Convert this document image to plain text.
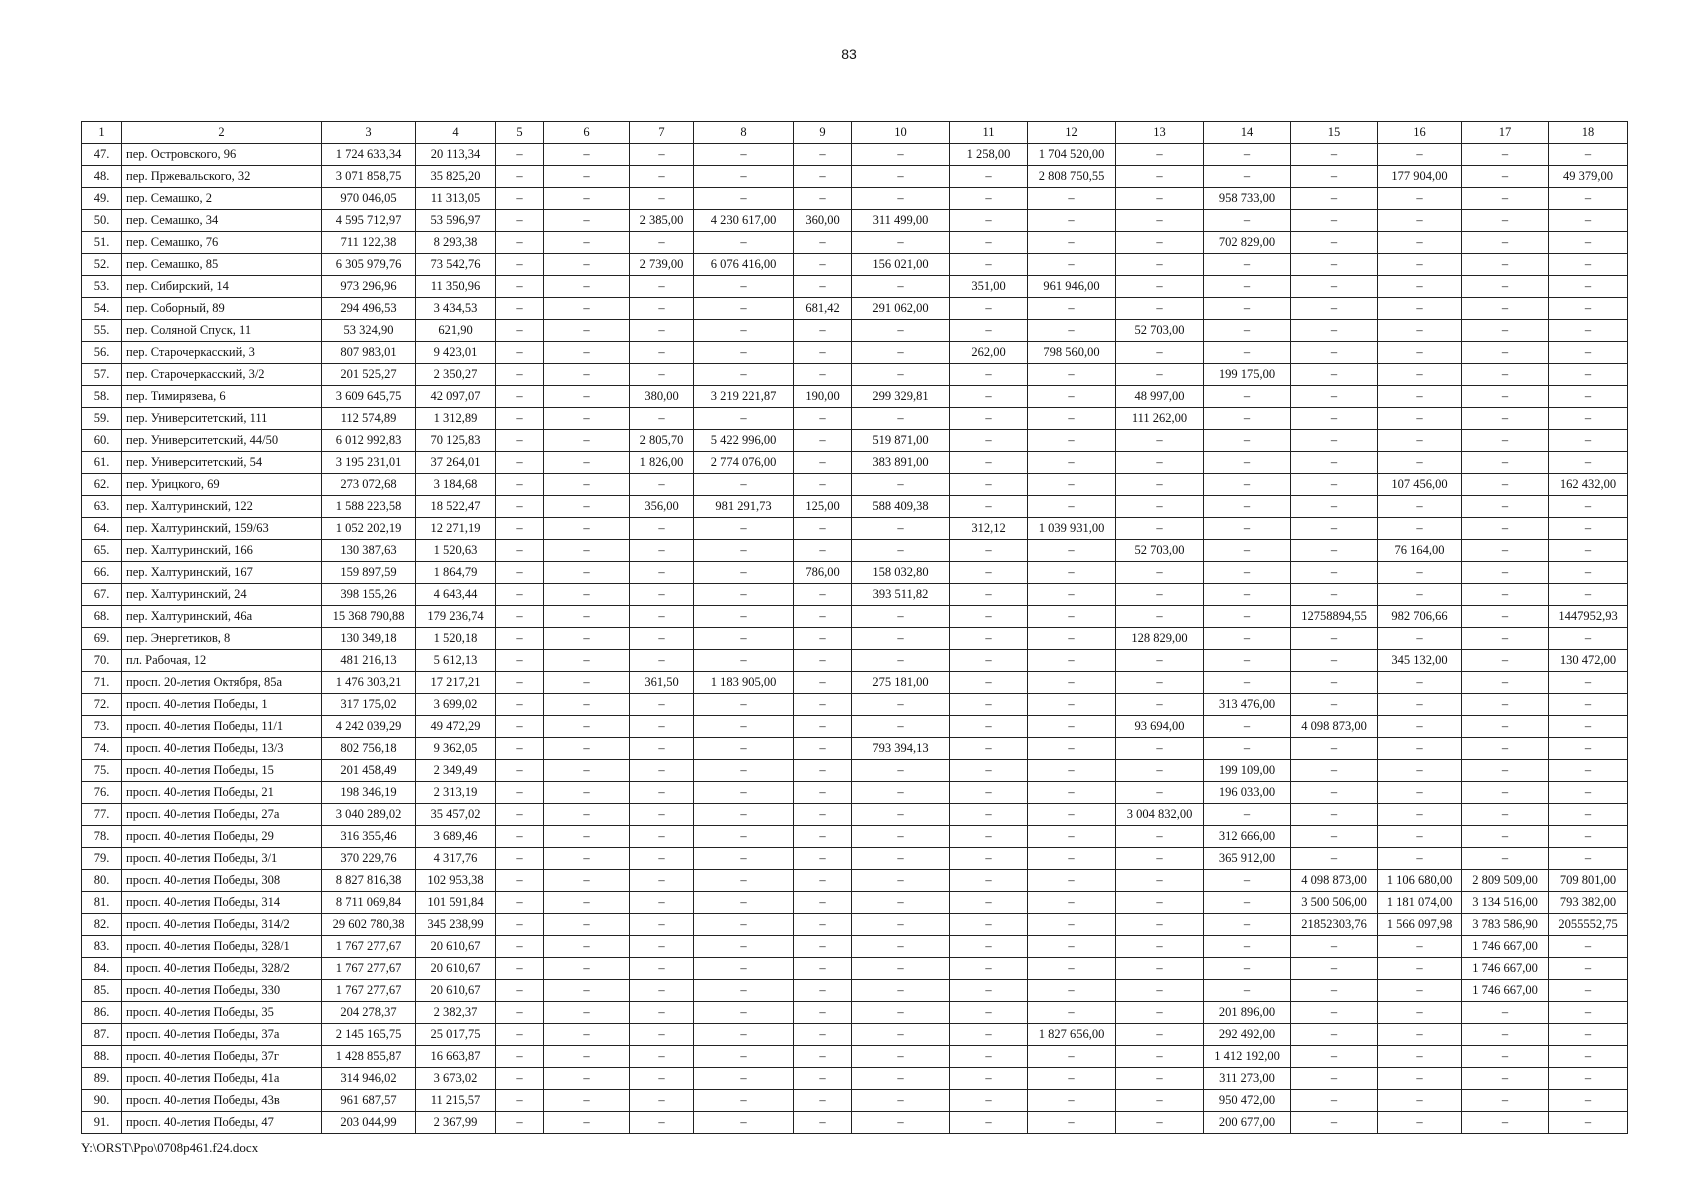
83
1	2	3	4	5	6	7	8	9	10	11	12	13	14	15	16	17	18
47.	пер. Островского, 96	1 724 633,34	20 113,34	–	–	–	–	–	–	1 258,00	1 704 520,00	–	–	–	–	–	–
48.	пер. Пржевальского, 32	3 071 858,75	35 825,20	–	–	–	–	–	–	–	2 808 750,55	–	–	–	177 904,00	–	49 379,00
49.	пер. Семашко, 2	970 046,05	11 313,05	–	–	–	–	–	–	–	–	–	958 733,00	–	–	–	–
50.	пер. Семашко, 34	4 595 712,97	53 596,97	–	–	2 385,00	4 230 617,00	360,00	311 499,00	–	–	–	–	–	–	–	–
51.	пер. Семашко, 76	711 122,38	8 293,38	–	–	–	–	–	–	–	–	–	702 829,00	–	–	–	–
52.	пер. Семашко, 85	6 305 979,76	73 542,76	–	–	2 739,00	6 076 416,00	–	156 021,00	–	–	–	–	–	–	–	–
53.	пер. Сибирский, 14	973 296,96	11 350,96	–	–	–	–	–	–	351,00	961 946,00	–	–	–	–	–	–
54.	пер. Соборный, 89	294 496,53	3 434,53	–	–	–	–	681,42	291 062,00	–	–	–	–	–	–	–	–
55.	пер. Соляной Спуск, 11	53 324,90	621,90	–	–	–	–	–	–	–	–	52 703,00	–	–	–	–	–
56.	пер. Старочеркасский, 3	807 983,01	9 423,01	–	–	–	–	–	–	262,00	798 560,00	–	–	–	–	–	–
57.	пер. Старочеркасский, 3/2	201 525,27	2 350,27	–	–	–	–	–	–	–	–	–	199 175,00	–	–	–	–
58.	пер. Тимирязева, 6	3 609 645,75	42 097,07	–	–	380,00	3 219 221,87	190,00	299 329,81	–	–	48 997,00	–	–	–	–	–
59.	пер. Университетский, 111	112 574,89	1 312,89	–	–	–	–	–	–	–	–	111 262,00	–	–	–	–	–
60.	пер. Университетский, 44/50	6 012 992,83	70 125,83	–	–	2 805,70	5 422 996,00	–	519 871,00	–	–	–	–	–	–	–	–
61.	пер. Университетский, 54	3 195 231,01	37 264,01	–	–	1 826,00	2 774 076,00	–	383 891,00	–	–	–	–	–	–	–	–
62.	пер. Урицкого, 69	273 072,68	3 184,68	–	–	–	–	–	–	–	–	–	–	–	107 456,00	–	162 432,00
63.	пер. Халтуринский, 122	1 588 223,58	18 522,47	–	–	356,00	981 291,73	125,00	588 409,38	–	–	–	–	–	–	–	–
64.	пер. Халтуринский, 159/63	1 052 202,19	12 271,19	–	–	–	–	–	–	312,12	1 039 931,00	–	–	–	–	–	–
65.	пер. Халтуринский, 166	130 387,63	1 520,63	–	–	–	–	–	–	–	–	52 703,00	–	–	76 164,00	–	–
66.	пер. Халтуринский, 167	159 897,59	1 864,79	–	–	–	–	786,00	158 032,80	–	–	–	–	–	–	–	–
67.	пер. Халтуринский, 24	398 155,26	4 643,44	–	–	–	–	–	393 511,82	–	–	–	–	–	–	–	–
68.	пер. Халтуринский, 46а	15 368 790,88	179 236,74	–	–	–	–	–	–	–	–	–	–	12758894,55	982 706,66	–	1447952,93
69.	пер. Энергетиков, 8	130 349,18	1 520,18	–	–	–	–	–	–	–	–	128 829,00	–	–	–	–	–
70.	пл. Рабочая, 12	481 216,13	5 612,13	–	–	–	–	–	–	–	–	–	–	–	345 132,00	–	130 472,00
71.	просп. 20-летия Октября, 85а	1 476 303,21	17 217,21	–	–	361,50	1 183 905,00	–	275 181,00	–	–	–	–	–	–	–	–
72.	просп. 40-летия Победы, 1	317 175,02	3 699,02	–	–	–	–	–	–	–	–	–	313 476,00	–	–	–	–
73.	просп. 40-летия Победы, 11/1	4 242 039,29	49 472,29	–	–	–	–	–	–	–	–	93 694,00	–	4 098 873,00	–	–	–
74.	просп. 40-летия Победы, 13/3	802 756,18	9 362,05	–	–	–	–	–	793 394,13	–	–	–	–	–	–	–	–
75.	просп. 40-летия Победы, 15	201 458,49	2 349,49	–	–	–	–	–	–	–	–	–	199 109,00	–	–	–	–
76.	просп. 40-летия Победы, 21	198 346,19	2 313,19	–	–	–	–	–	–	–	–	–	196 033,00	–	–	–	–
77.	просп. 40-летия Победы, 27а	3 040 289,02	35 457,02	–	–	–	–	–	–	–	–	3 004 832,00	–	–	–	–	–
78.	просп. 40-летия Победы, 29	316 355,46	3 689,46	–	–	–	–	–	–	–	–	–	312 666,00	–	–	–	–
79.	просп. 40-летия Победы, 3/1	370 229,76	4 317,76	–	–	–	–	–	–	–	–	–	365 912,00	–	–	–	–
80.	просп. 40-летия Победы, 308	8 827 816,38	102 953,38	–	–	–	–	–	–	–	–	–	–	4 098 873,00	1 106 680,00	2 809 509,00	709 801,00
81.	просп. 40-летия Победы, 314	8 711 069,84	101 591,84	–	–	–	–	–	–	–	–	–	–	3 500 506,00	1 181 074,00	3 134 516,00	793 382,00
82.	просп. 40-летия Победы, 314/2	29 602 780,38	345 238,99	–	–	–	–	–	–	–	–	–	–	21852303,76	1 566 097,98	3 783 586,90	2055552,75
83.	просп. 40-летия Победы, 328/1	1 767 277,67	20 610,67	–	–	–	–	–	–	–	–	–	–	–	–	1 746 667,00	–
84.	просп. 40-летия Победы, 328/2	1 767 277,67	20 610,67	–	–	–	–	–	–	–	–	–	–	–	–	1 746 667,00	–
85.	просп. 40-летия Победы, 330	1 767 277,67	20 610,67	–	–	–	–	–	–	–	–	–	–	–	–	1 746 667,00	–
86.	просп. 40-летия Победы, 35	204 278,37	2 382,37	–	–	–	–	–	–	–	–	–	201 896,00	–	–	–	–
87.	просп. 40-летия Победы, 37а	2 145 165,75	25 017,75	–	–	–	–	–	–	–	1 827 656,00	–	292 492,00	–	–	–	–
88.	просп. 40-летия Победы, 37г	1 428 855,87	16 663,87	–	–	–	–	–	–	–	–	–	1 412 192,00	–	–	–	–
89.	просп. 40-летия Победы, 41а	314 946,02	3 673,02	–	–	–	–	–	–	–	–	–	311 273,00	–	–	–	–
90.	просп. 40-летия Победы, 43в	961 687,57	11 215,57	–	–	–	–	–	–	–	–	–	950 472,00	–	–	–	–
91.	просп. 40-летия Победы, 47	203 044,99	2 367,99	–	–	–	–	–	–	–	–	–	200 677,00	–	–	–	–
Y:\ORST\Ppo\0708p461.f24.docx
